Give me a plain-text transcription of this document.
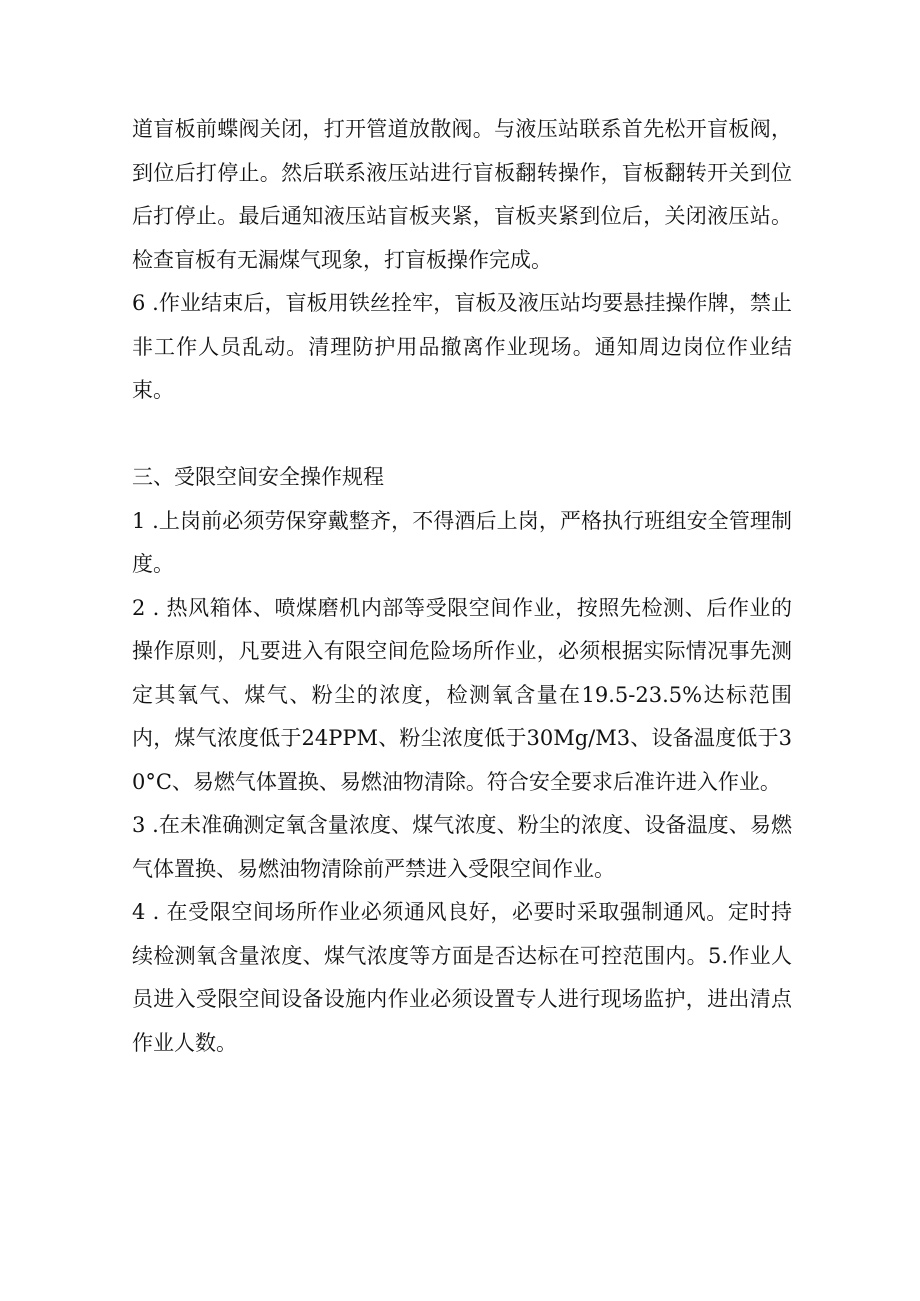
道盲板前蝶阀关闭，打开管道放散阀。与液压站联系首先松开盲板阀，到位后打停止。然后联系液压站进行盲板翻转操作，盲板翻转开关到位后打停止。最后通知液压站盲板夹紧，盲板夹紧到位后，关闭液压站。检查盲板有无漏煤气现象，打盲板操作完成。

6 .作业结束后，盲板用铁丝拴牢，盲板及液压站均要悬挂操作牌，禁止非工作人员乱动。清理防护用品撤离作业现场。通知周边岗位作业结束。

三、受限空间安全操作规程

1 .上岗前必须劳保穿戴整齐，不得酒后上岗，严格执行班组安全管理制度。

2 . 热风箱体、喷煤磨机内部等受限空间作业，按照先检测、后作业的操作原则，凡要进入有限空间危险场所作业，必须根据实际情况事先测定其氧气、煤气、粉尘的浓度，检测氧含量在19.5-23.5%达标范围内，煤气浓度低于24PPM、粉尘浓度低于30Mg/M3、设备温度低于30°C、易燃气体置换、易燃油物清除。符合安全要求后准许进入作业。

3 .在未准确测定氧含量浓度、煤气浓度、粉尘的浓度、设备温度、易燃气体置换、易燃油物清除前严禁进入受限空间作业。

4 . 在受限空间场所作业必须通风良好，必要时采取强制通风。定时持续检测氧含量浓度、煤气浓度等方面是否达标在可控范围内。5.作业人员进入受限空间设备设施内作业必须设置专人进行现场监护，进出清点作业人数。
